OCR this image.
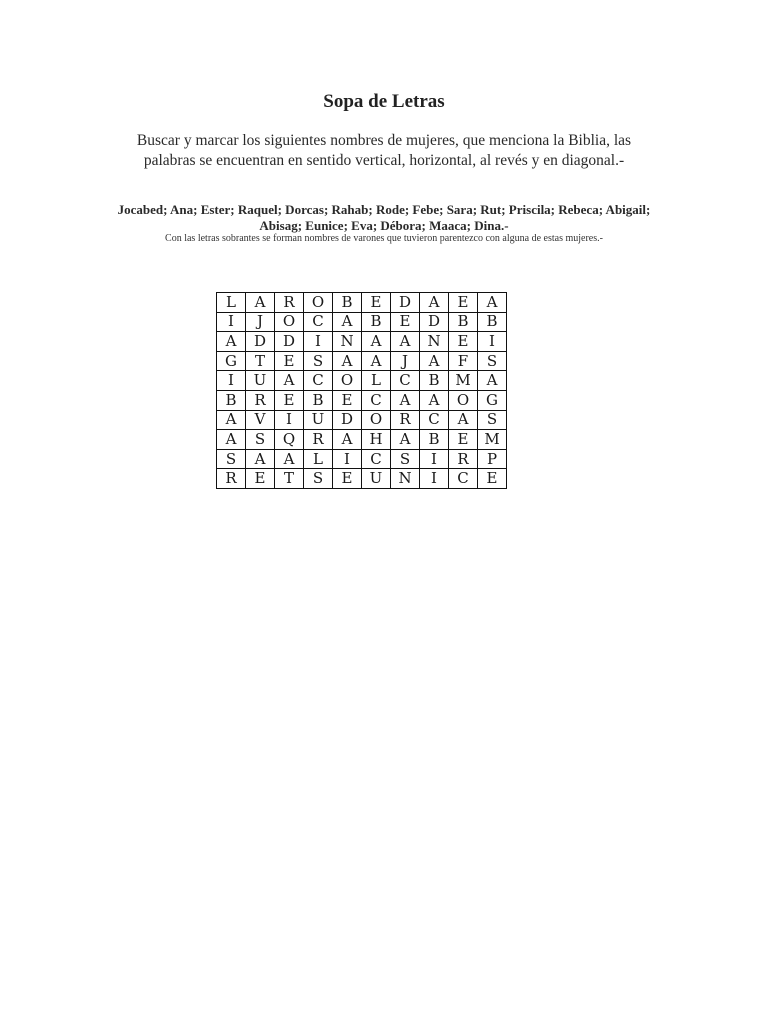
Sopa de Letras
Buscar y marcar los siguientes nombres de mujeres, que menciona la Biblia, las palabras se encuentran en sentido vertical, horizontal, al revés y en diagonal.-
Jocabed; Ana; Ester; Raquel; Dorcas; Rahab; Rode; Febe; Sara; Rut; Priscila; Rebeca; Abigail;
Abisag; Eunice; Eva; Débora; Maaca; Dina.-
Con las letras sobrantes se forman nombres de varones que tuvieron parentezco con alguna de estas mujeres.-
L	A	R	O	B	E	D	A	E	A
I	J	O	C	A	B	E	D	B	B
A	D	D	I	N	A	A	N	E	I
G	T	E	S	A	A	J	A	F	S
I	U	A	C	O	L	C	B	M	A
B	R	E	B	E	C	A	A	O	G
A	V	I	U	D	O	R	C	A	S
A	S	Q	R	A	H	A	B	E	M
S	A	A	L	I	C	S	I	R	P
R	E	T	S	E	U	N	I	C	E
